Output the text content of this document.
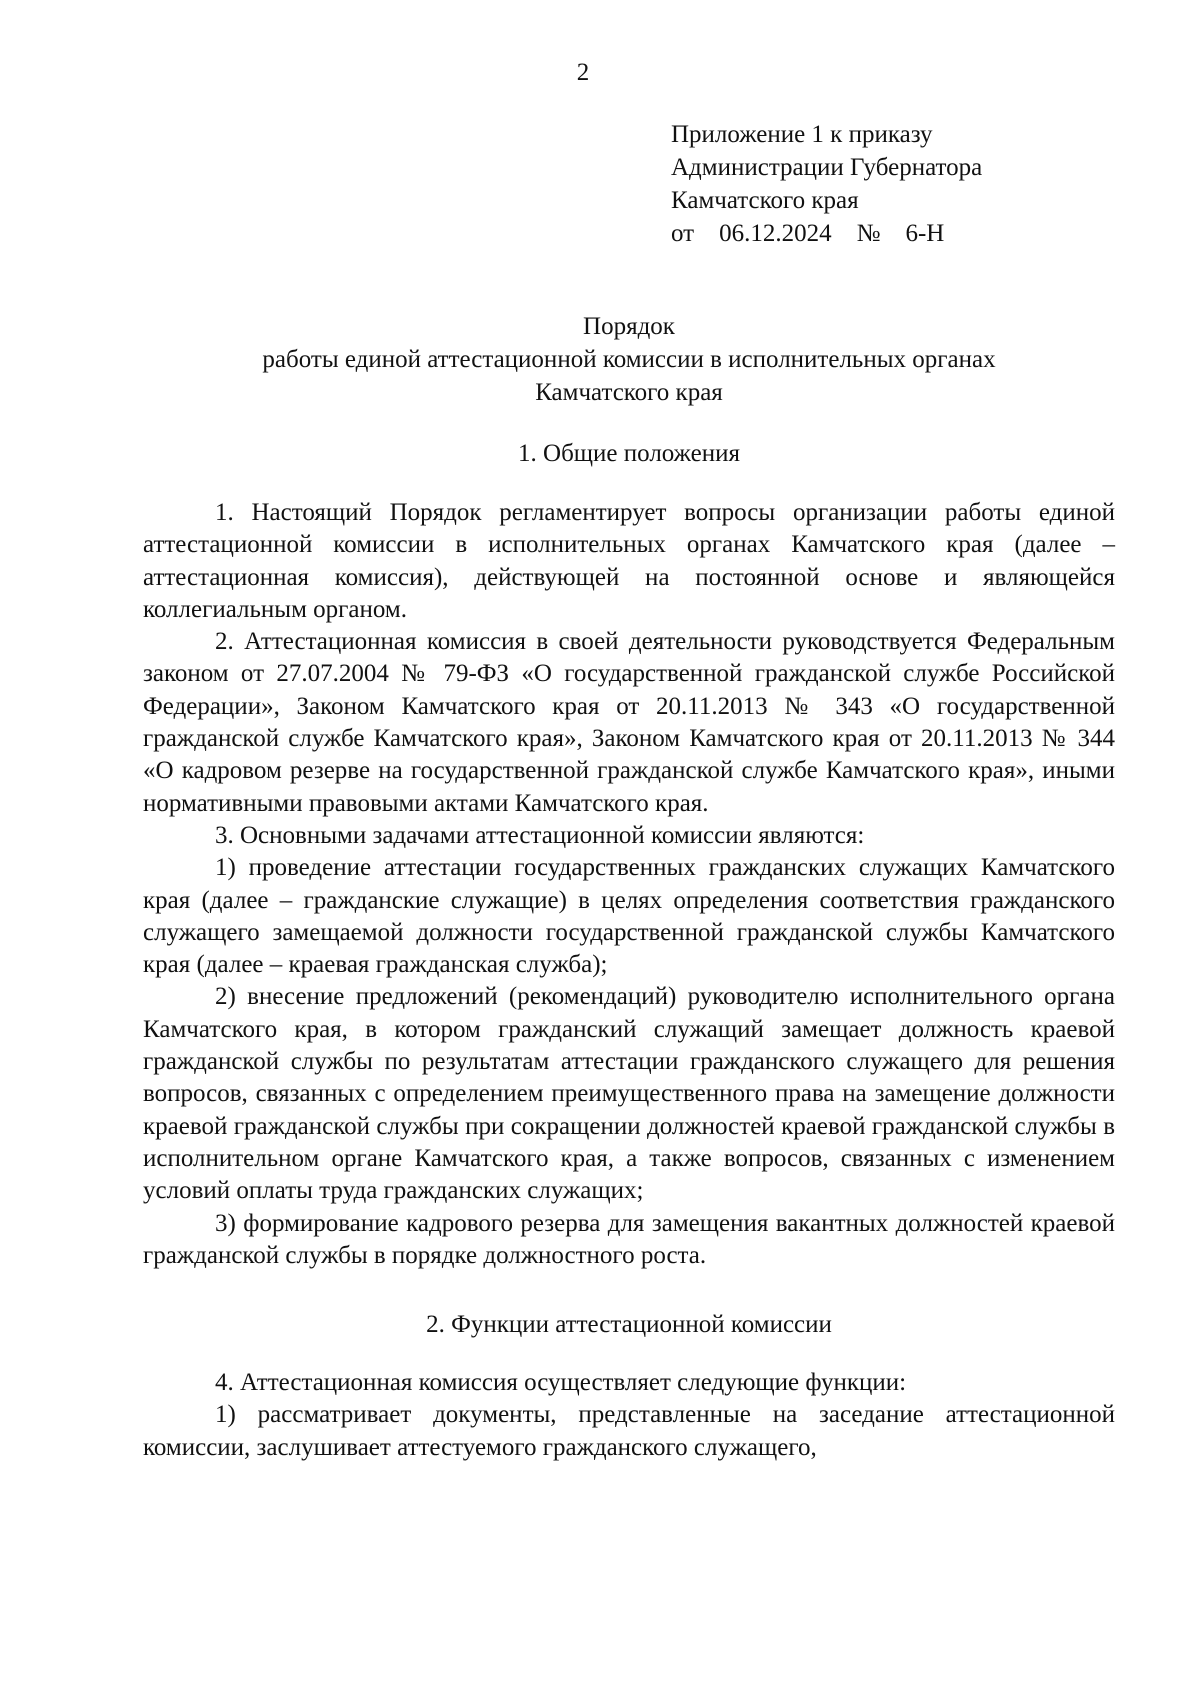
2
Приложение 1 к приказу
Администрации Губернатора
Камчатского края
от    06.12.2024    №    6-Н
Порядок
работы единой аттестационной комиссии в исполнительных органах
Камчатского края
1. Общие положения

1. Настоящий Порядок регламентирует вопросы организации работы единой аттестационной комиссии в исполнительных органах Камчатского края (далее – аттестационная комиссия), действующей на постоянной основе и являющейся коллегиальным органом.

2. Аттестационная комиссия в своей деятельности руководствуется Федеральным законом от 27.07.2004 № 79-ФЗ «О государственной гражданской службе Российской Федерации», Законом Камчатского края от 20.11.2013 № 343 «О государственной гражданской службе Камчатского края», Законом Камчатского края от 20.11.2013 № 344 «О кадровом резерве на государственной гражданской службе Камчатского края», иными нормативными правовыми актами Камчатского края.

3. Основными задачами аттестационной комиссии являются:

1) проведение аттестации государственных гражданских служащих Камчатского края (далее – гражданские служащие) в целях определения соответствия гражданского служащего замещаемой должности государственной гражданской службы Камчатского края (далее – краевая гражданская служба);

2) внесение предложений (рекомендаций) руководителю исполнительного органа Камчатского края, в котором гражданский служащий замещает должность краевой гражданской службы по результатам аттестации гражданского служащего для решения вопросов, связанных с определением преимущественного права на замещение должности краевой гражданской службы при сокращении должностей краевой гражданской службы в исполнительном органе Камчатского края, а также вопросов, связанных с изменением условий оплаты труда гражданских служащих;

3) формирование кадрового резерва для замещения вакантных должностей краевой гражданской службы в порядке должностного роста.

2. Функции аттестационной комиссии

4. Аттестационная комиссия осуществляет следующие функции:

1) рассматривает документы, представленные на заседание аттестационной комиссии, заслушивает аттестуемого гражданского служащего,
